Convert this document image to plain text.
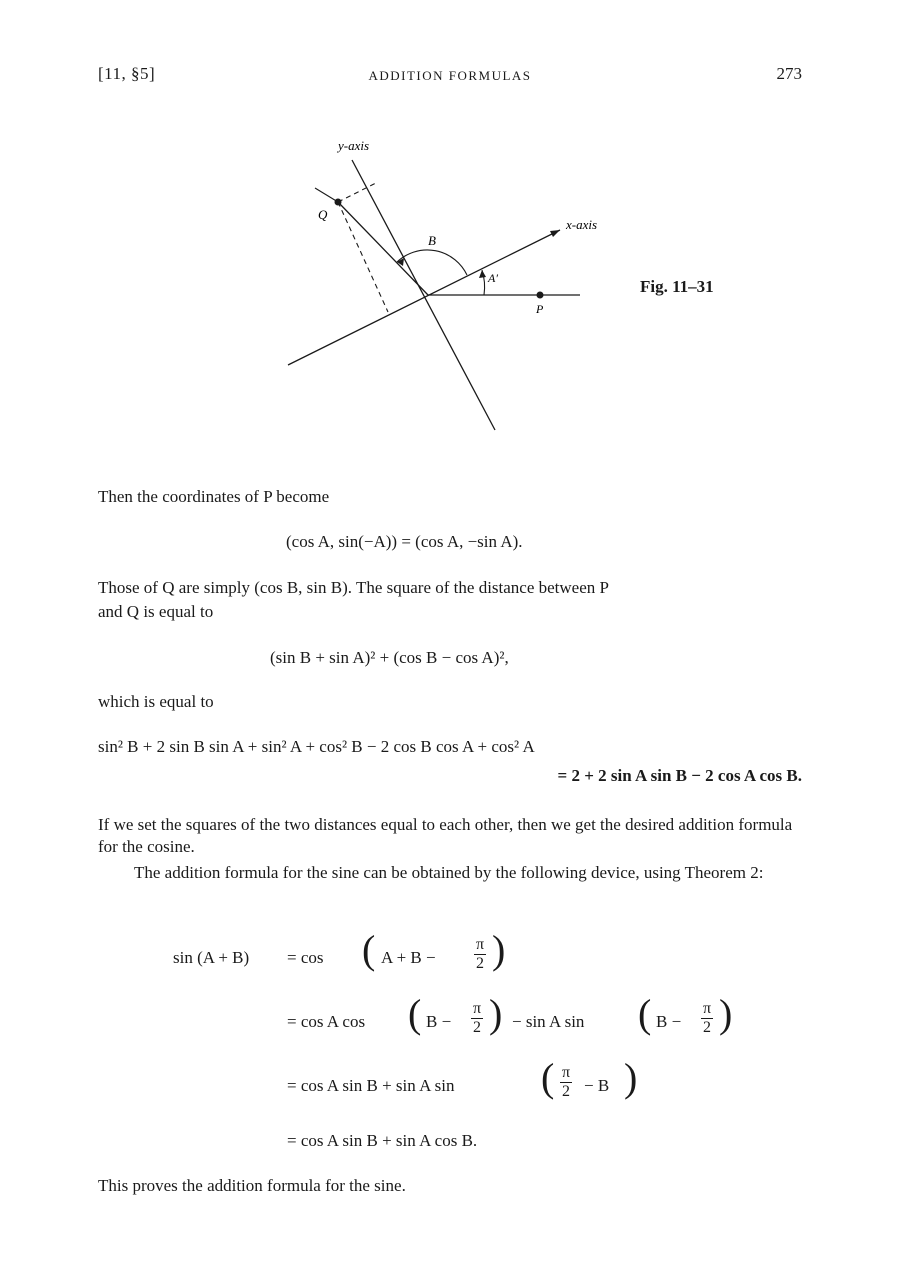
[11, §5]	ADDITION FORMULAS	273
y-axis
x-axis
Q
B
A′
P
Fig. 11–31
Then the coordinates of P become
(cos A, sin(−A)) = (cos A, −sin A).
Those of Q are simply (cos B, sin B). The square of the distance between P
and Q is equal to
(sin B + sin A)² + (cos B − cos A)²,
which is equal to
sin² B + 2 sin B sin A + sin² A + cos² B − 2 cos B cos A + cos² A
= 2 + 2 sin A sin B − 2 cos A cos B.
If we set the squares of the two distances equal to each other, then we get the desired addition formula for the cosine.
The addition formula for the sine can be obtained by the following device, using Theorem 2:
sin (A + B) = cos ( $A + B - \frac{\pi}{2}$ )
= cos A cos ( $B - \frac{\pi}{2}$ ) − sin A sin ( $B - \frac{\pi}{2}$ )
= cos A sin B + sin A sin ( $\frac{\pi}{2} - B$ )
= cos A sin B + sin A cos B.
This proves the addition formula for the sine.
